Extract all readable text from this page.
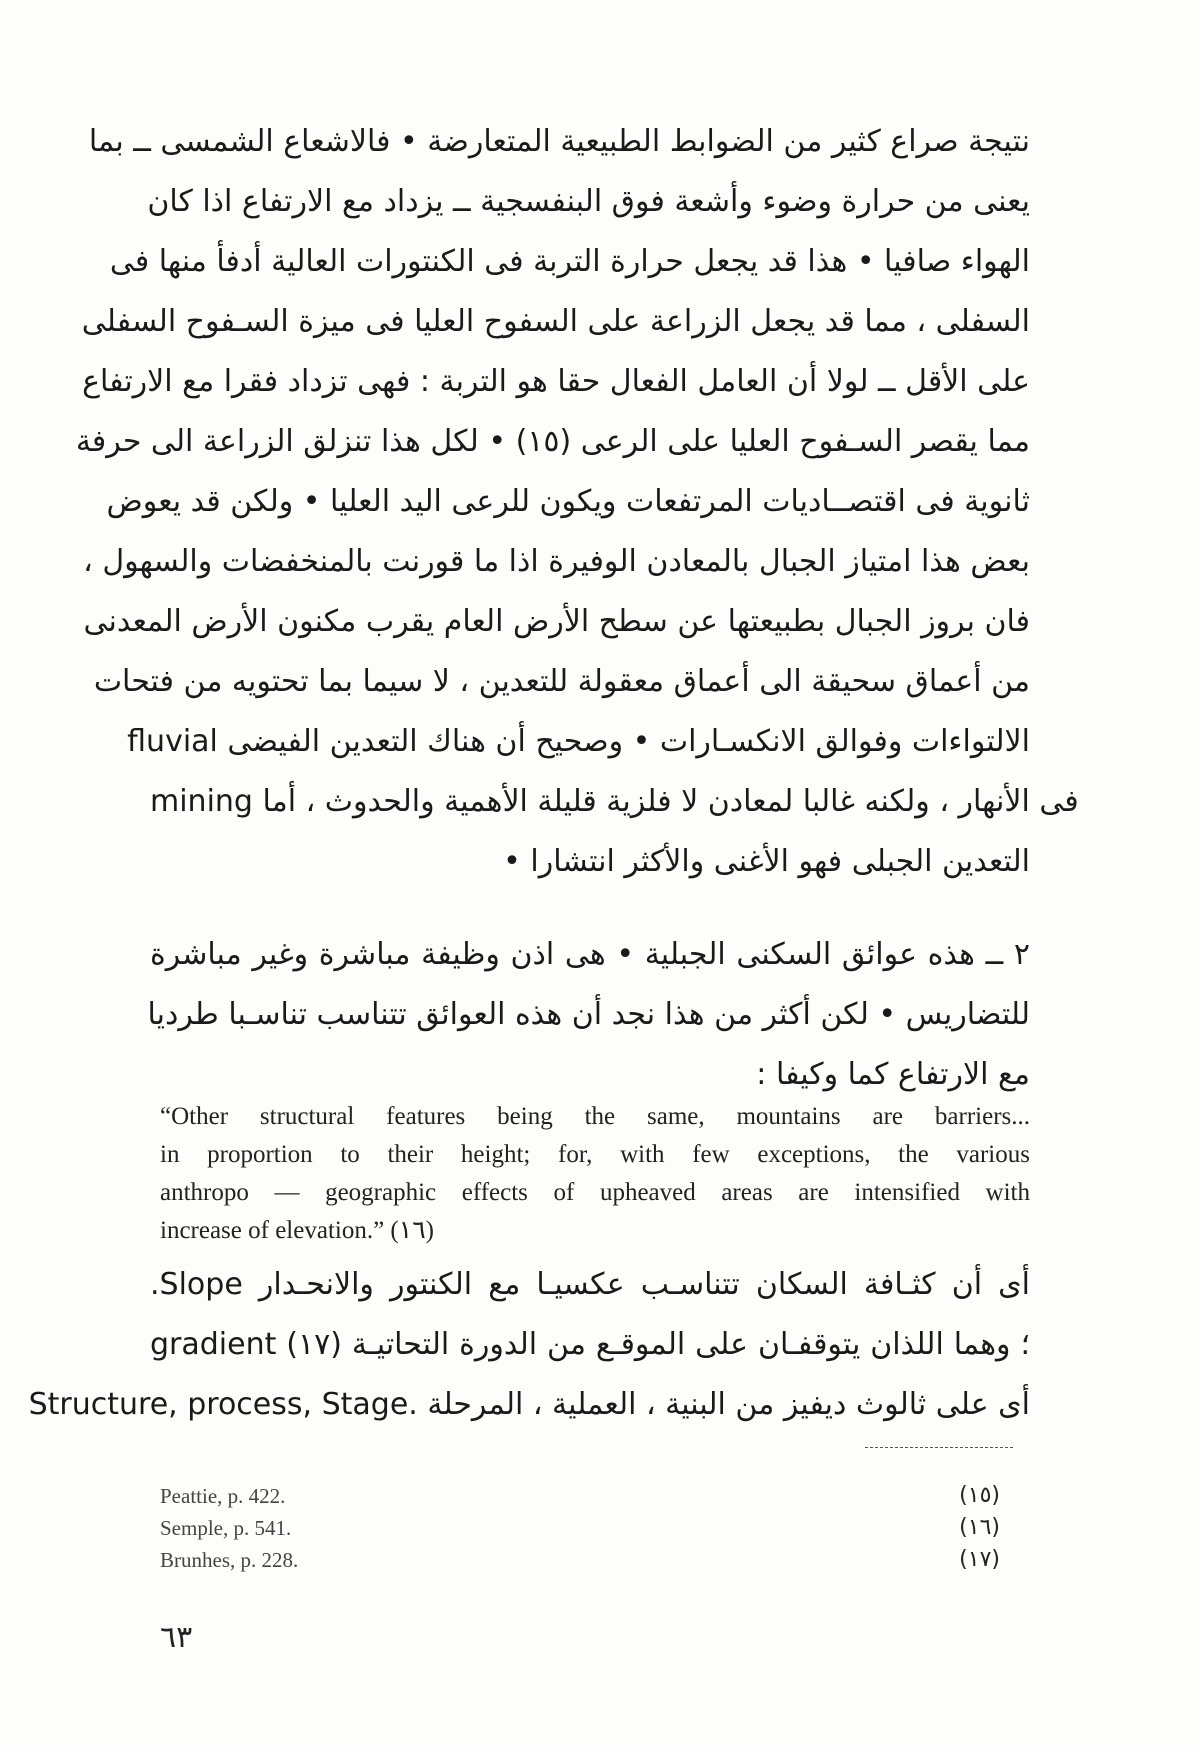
نتيجة صراع كثير من الضوابط الطبيعية المتعارضة • فالاشعاع الشمسى ــ بما
يعنى من حرارة وضوء وأشعة فوق البنفسجية ــ يزداد مع الارتفاع اذا كان
الهواء صافيا • هذا قد يجعل حرارة التربة فى الكنتورات العالية أدفأ منها فى
السفلى ، مما قد يجعل الزراعة على السفوح العليا فى ميزة السـفوح السفلى
على الأقل ــ لولا أن العامل الفعال حقا هو التربة : فهى تزداد فقرا مع الارتفاع
مما يقصر السـفوح العليا على الرعى (١٥) • لكل هذا تنزلق الزراعة الى حرفة
ثانوية فى اقتصــاديات المرتفعات ويكون للرعى اليد العليا • ولكن قد يعوض
بعض هذا امتياز الجبال بالمعادن الوفيرة اذا ما قورنت بالمنخفضات والسهول ،
فان بروز الجبال بطبيعتها عن سطح الأرض العام يقرب مكنون الأرض المعدنى
من أعماق سحيقة الى أعماق معقولة للتعدين ، لا سيما بما تحتويه من فتحات
الالتواءات وفوالق الانكسـارات • وصحيح أن هناك التعدين الفيضى fluvial
mining فى الأنهار ، ولكنه غالبا لمعادن لا فلزية قليلة الأهمية والحدوث ، أما
التعدين الجبلى فهو الأغنى والأكثر انتشارا •
٢ ــ هذه عوائق السكنى الجبلية • هى اذن وظيفة مباشرة وغير مباشرة
للتضاريس • لكن أكثر من هذا نجد أن هذه العوائق تتناسب تناسـبا طرديا
مع الارتفاع كما وكيفا :
“Other structural features being the same, mountains are barriers...
in proportion to their height; for, with few exceptions, the various
anthropo — geographic effects of upheaved areas are intensified with
increase of elevation.” (١٦)
أى أن كثـافة السكان تتناسـب عكسيـا مع الكنتور والانحـدار Slope.
gradient (١٧) ؛ وهما اللذان يتوقفـان على الموقـع من الدورة التحاتيـة
أى على ثالوث ديفيز من البنية ، العملية ، المرحلة .Structure, process, Stage
Peattie, p. 422.	(١٥)
Semple, p. 541.	(١٦)
Brunhes, p. 228.	(١٧)
٦٣
